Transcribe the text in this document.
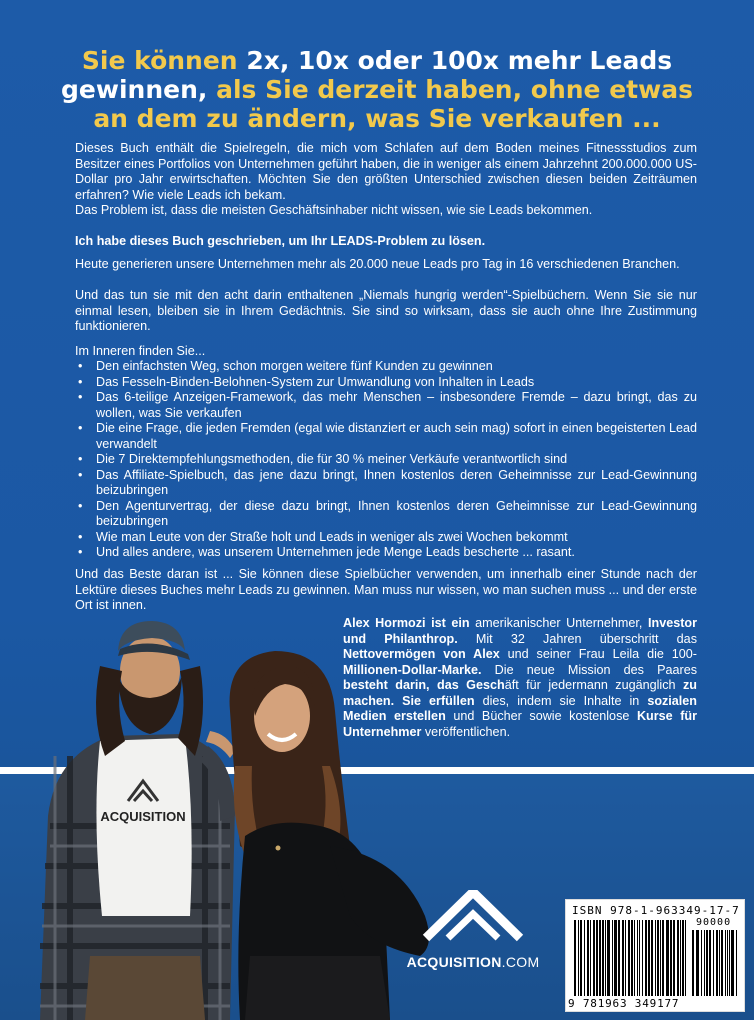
Sie können 2x, 10x oder 100x mehr Leads
gewinnen, als Sie derzeit haben, ohne etwas
an dem zu ändern, was Sie verkaufen ...

Dieses Buch enthält die Spielregeln, die mich vom Schlafen auf dem Boden meines Fitnessstudios zum Besitzer eines Portfolios von Unternehmen geführt haben, die in weniger als einem Jahrzehnt 200.000.000 US-Dollar pro Jahr erwirtschaften. Möchten Sie den größten Unterschied zwischen diesen beiden Zeiträumen erfahren? Wie viele Leads ich bekam.

Das Problem ist, dass die meisten Geschäftsinhaber nicht wissen, wie sie Leads bekommen.

Ich habe dieses Buch geschrieben, um Ihr LEADS-Problem zu lösen.

Heute generieren unsere Unternehmen mehr als 20.000 neue Leads pro Tag in 16 verschiedenen Branchen.

Und das tun sie mit den acht darin enthaltenen „Niemals hungrig werden“-Spielbüchern. Wenn Sie sie nur einmal lesen, bleiben sie in Ihrem Gedächtnis. Sie sind so wirksam, dass sie auch ohne Ihre Zustimmung funktionieren.

Im Inneren finden Sie...

• Den einfachsten Weg, schon morgen weitere fünf Kunden zu gewinnen
• Das Fesseln-Binden-Belohnen-System zur Umwandlung von Inhalten in Leads
• Das 6-teilige Anzeigen-Framework, das mehr Menschen – insbesondere Fremde – dazu bringt, das zu wollen, was Sie verkaufen
• Die eine Frage, die jeden Fremden (egal wie distanziert er auch sein mag) sofort in einen begeisterten Lead verwandelt
• Die 7 Direktempfehlungsmethoden, die für 30 % meiner Verkäufe verantwortlich sind
• Das Affiliate-Spielbuch, das jene dazu bringt, Ihnen kostenlos deren Geheimnisse zur Lead-Gewinnung beizubringen
• Den Agenturvertrag, der diese dazu bringt, Ihnen kostenlos deren Geheimnisse zur Lead-Gewinnung beizubringen
• Wie man Leute von der Straße holt und Leads in weniger als zwei Wochen bekommt
• Und alles andere, was unserem Unternehmen jede Menge Leads bescherte ... rasant.

Und das Beste daran ist ... Sie können diese Spielbücher verwenden, um innerhalb einer Stunde nach der Lektüre dieses Buches mehr Leads zu gewinnen. Man muss nur wissen, wo man suchen muss ... und der erste Ort ist innen.

Alex Hormozi ist ein amerikanischer Unternehmer, Investor und Philanthrop. Mit 32 Jahren überschritt das Nettovermögen von Alex und seiner Frau Leila die 100-Millionen-Dollar-Marke. Die neue Mission des Paares besteht darin, das Geschäft für jedermann zugänglich zu machen. Sie erfüllen dies, indem sie Inhalte in sozialen Medien erstellen und Bücher sowie kostenlose Kurse für Unternehmer veröffentlichen.

ACQUISITION
ACQUISITION.COM
ISBN 978-1-963349-17-7
90000
9 781963 349177
